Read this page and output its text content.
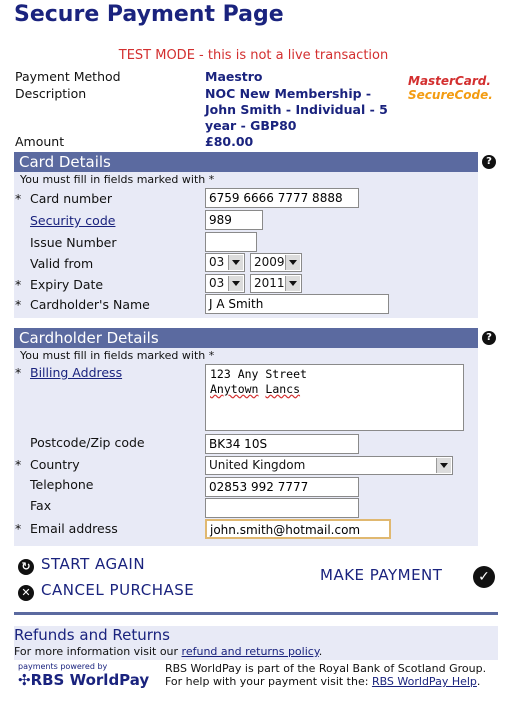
Secure Payment Page
TEST MODE - this is not a live transaction
Payment Method	Maestro
Description	NOC New Membership -
John Smith - Individual - 5
year - GBP80
Amount	£80.00
MasterCard.
SecureCode.
Card Details	?
You must fill in fields marked with *
* Card number	6759 6666 7777 8888
Security code	989
Issue Number
Valid from	03	2009
* Expiry Date	03	2011
* Cardholder's Name	J A Smith
Cardholder Details	?
You must fill in fields marked with *
* Billing Address	123 Any Street
Anytown Lancs
Postcode/Zip code	BK34 10S
* Country	United Kingdom
Telephone	02853 992 7777
Fax
* Email address	john.smith@hotmail.com
↻ START AGAIN
✕ CANCEL PURCHASE
MAKE PAYMENT	✓
Refunds and Returns
For more information visit our refund and returns policy.
payments powered by
✣RBS WorldPay
RBS WorldPay is part of the Royal Bank of Scotland Group.
For help with your payment visit the: RBS WorldPay Help.
